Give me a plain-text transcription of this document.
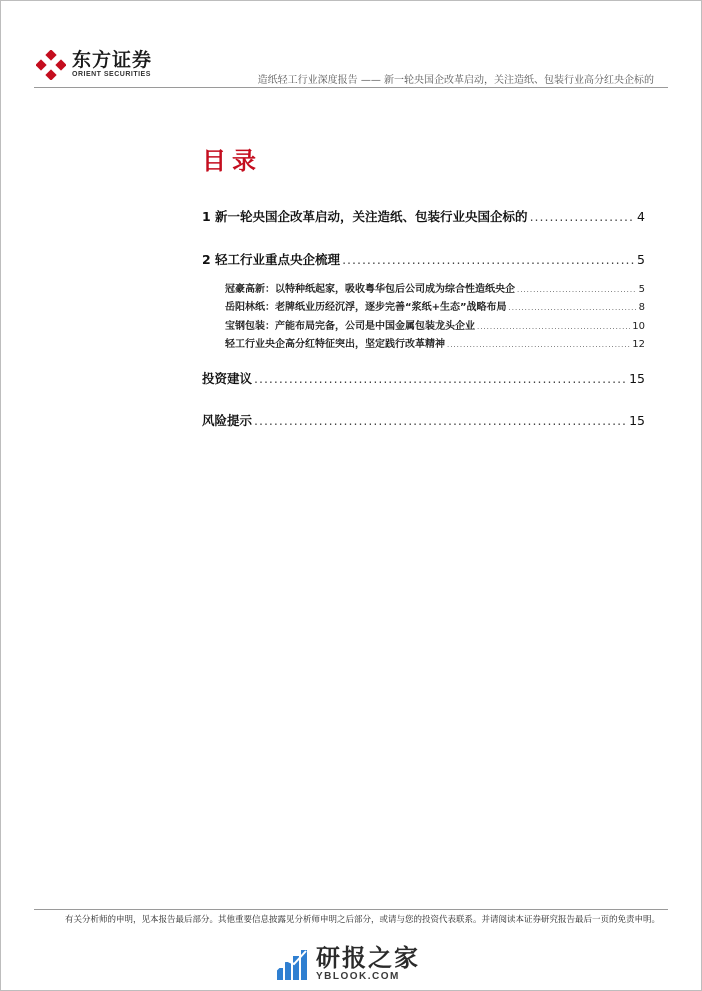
东方证券
ORIENT SECURITIES
造纸轻工行业深度报告 —— 新一轮央国企改革启动，关注造纸、包装行业高分红央企标的
目录
1 新一轮央国企改革启动，关注造纸、包装行业央国企标的 .....	4
2 轻工行业重点央企梳理 .....	5
冠豪高新：以特种纸起家，吸收粤华包后公司成为综合性造纸央企 .....	5
岳阳林纸：老牌纸业历经沉浮，逐步完善“浆纸+生态”战略布局 .....	8
宝钢包装：产能布局完备，公司是中国金属包装龙头企业 .....	10
轻工行业央企高分红特征突出，坚定践行改革精神 .....	12
投资建议 .....	15
风险提示 .....	15
有关分析师的申明，见本报告最后部分。其他重要信息披露见分析师申明之后部分，或请与您的投资代表联系。并请阅读本证券研究报告最后一页的免责申明。
研报之家
YBLOOK.COM
